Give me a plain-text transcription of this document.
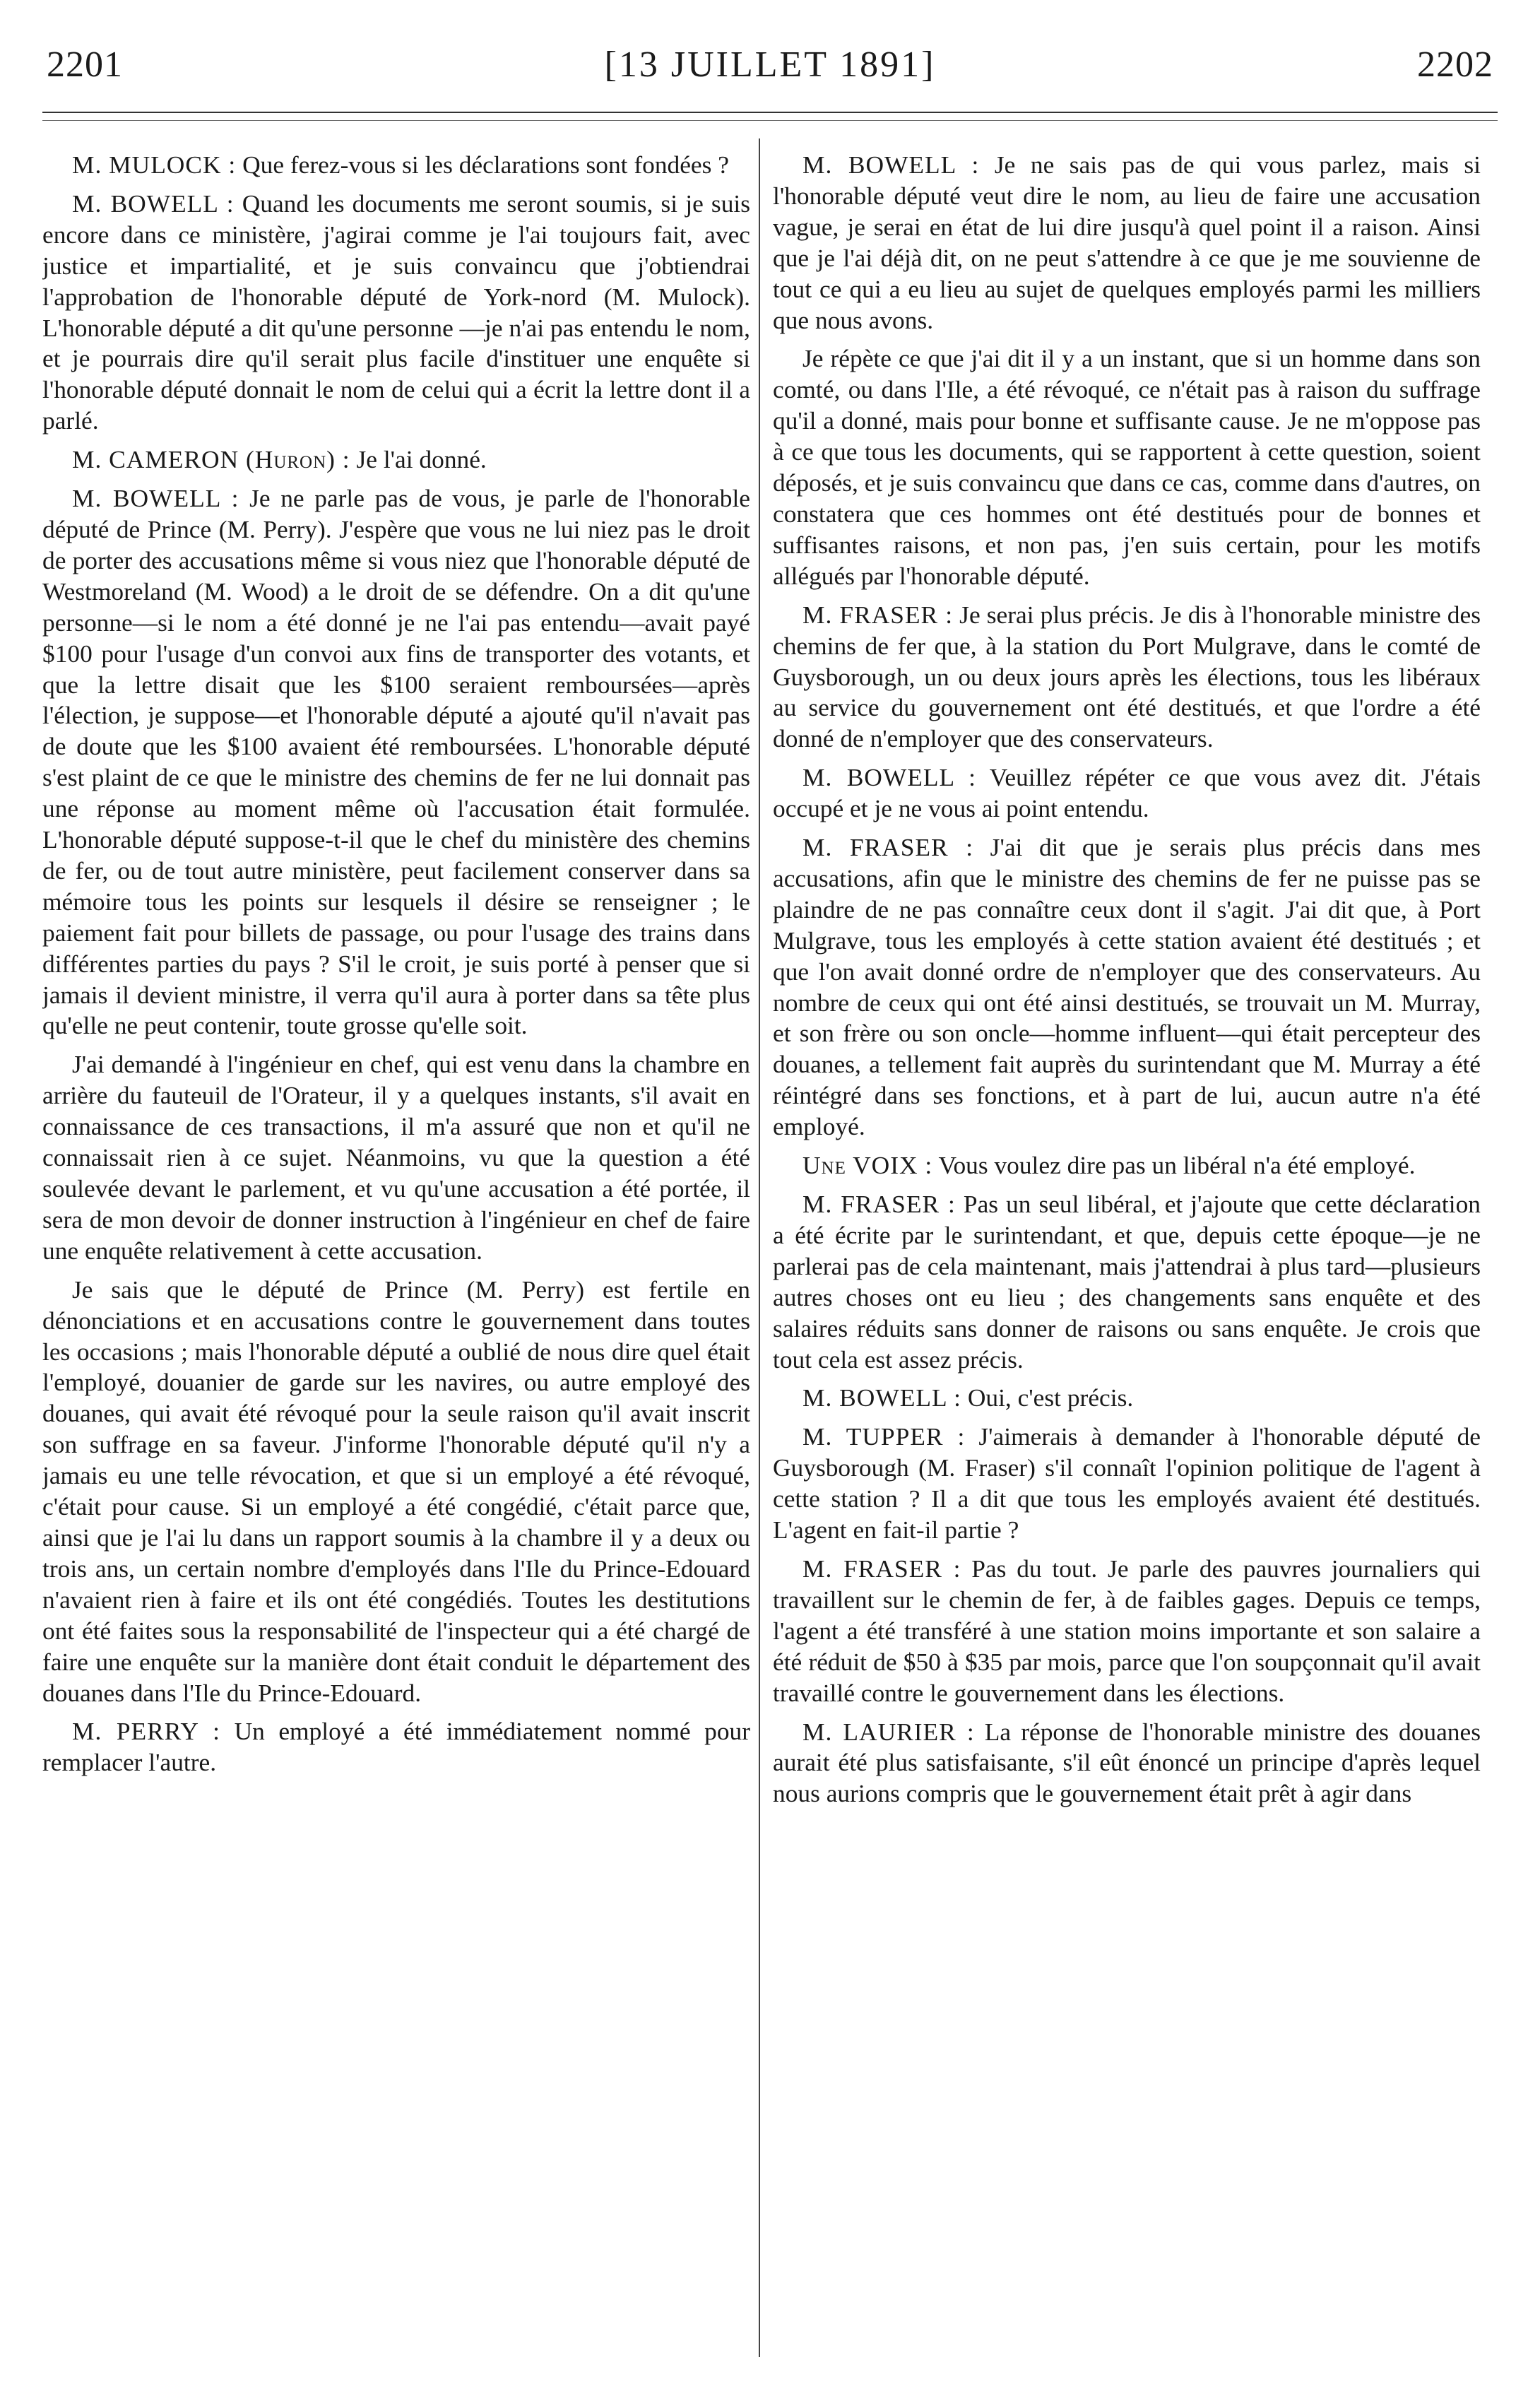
2201	[13 JUILLET 1891]	2202

M. MULOCK : Que ferez-vous si les déclarations sont fondées ?

M. BOWELL : Quand les documents me seront soumis, si je suis encore dans ce ministère, j'agirai comme je l'ai toujours fait, avec justice et impartialité, et je suis convaincu que j'obtiendrai l'approbation de l'honorable député de York-nord (M. Mulock). L'honorable député a dit qu'une personne —je n'ai pas entendu le nom, et je pourrais dire qu'il serait plus facile d'instituer une enquête si l'honorable député donnait le nom de celui qui a écrit la lettre dont il a parlé.

M. CAMERON (Huron) : Je l'ai donné.

M. BOWELL : Je ne parle pas de vous, je parle de l'honorable député de Prince (M. Perry). J'espère que vous ne lui niez pas le droit de porter des accusations même si vous niez que l'honorable député de Westmoreland (M. Wood) a le droit de se défendre. On a dit qu'une personne—si le nom a été donné je ne l'ai pas entendu—avait payé $100 pour l'usage d'un convoi aux fins de transporter des votants, et que la lettre disait que les $100 seraient remboursées—après l'élection, je suppose—et l'honorable député a ajouté qu'il n'avait pas de doute que les $100 avaient été remboursées. L'honorable député s'est plaint de ce que le ministre des chemins de fer ne lui donnait pas une réponse au moment même où l'accusation était formulée. L'honorable député suppose-t-il que le chef du ministère des chemins de fer, ou de tout autre ministère, peut facilement conserver dans sa mémoire tous les points sur lesquels il désire se renseigner ; le paiement fait pour billets de passage, ou pour l'usage des trains dans différentes parties du pays ? S'il le croit, je suis porté à penser que si jamais il devient ministre, il verra qu'il aura à porter dans sa tête plus qu'elle ne peut contenir, toute grosse qu'elle soit.

J'ai demandé à l'ingénieur en chef, qui est venu dans la chambre en arrière du fauteuil de l'Orateur, il y a quelques instants, s'il avait en connaissance de ces transactions, il m'a assuré que non et qu'il ne connaissait rien à ce sujet. Néanmoins, vu que la question a été soulevée devant le parlement, et vu qu'une accusation a été portée, il sera de mon devoir de donner instruction à l'ingénieur en chef de faire une enquête relativement à cette accusation.

Je sais que le député de Prince (M. Perry) est fertile en dénonciations et en accusations contre le gouvernement dans toutes les occasions ; mais l'honorable député a oublié de nous dire quel était l'employé, douanier de garde sur les navires, ou autre employé des douanes, qui avait été révoqué pour la seule raison qu'il avait inscrit son suffrage en sa faveur. J'informe l'honorable député qu'il n'y a jamais eu une telle révocation, et que si un employé a été révoqué, c'était pour cause. Si un employé a été congédié, c'était parce que, ainsi que je l'ai lu dans un rapport soumis à la chambre il y a deux ou trois ans, un certain nombre d'employés dans l'Ile du Prince-Edouard n'avaient rien à faire et ils ont été congédiés. Toutes les destitutions ont été faites sous la responsabilité de l'inspecteur qui a été chargé de faire une enquête sur la manière dont était conduit le département des douanes dans l'Ile du Prince-Edouard.

M. PERRY : Un employé a été immédiatement nommé pour remplacer l'autre.

M. BOWELL : Je ne sais pas de qui vous parlez, mais si l'honorable député veut dire le nom, au lieu de faire une accusation vague, je serai en état de lui dire jusqu'à quel point il a raison. Ainsi que je l'ai déjà dit, on ne peut s'attendre à ce que je me souvienne de tout ce qui a eu lieu au sujet de quelques employés parmi les milliers que nous avons.

Je répète ce que j'ai dit il y a un instant, que si un homme dans son comté, ou dans l'Ile, a été révoqué, ce n'était pas à raison du suffrage qu'il a donné, mais pour bonne et suffisante cause. Je ne m'oppose pas à ce que tous les documents, qui se rapportent à cette question, soient déposés, et je suis convaincu que dans ce cas, comme dans d'autres, on constatera que ces hommes ont été destitués pour de bonnes et suffisantes raisons, et non pas, j'en suis certain, pour les motifs allégués par l'honorable député.

M. FRASER : Je serai plus précis. Je dis à l'honorable ministre des chemins de fer que, à la station du Port Mulgrave, dans le comté de Guysborough, un ou deux jours après les élections, tous les libéraux au service du gouvernement ont été destitués, et que l'ordre a été donné de n'employer que des conservateurs.

M. BOWELL : Veuillez répéter ce que vous avez dit. J'étais occupé et je ne vous ai point entendu.

M. FRASER : J'ai dit que je serais plus précis dans mes accusations, afin que le ministre des chemins de fer ne puisse pas se plaindre de ne pas connaître ceux dont il s'agit. J'ai dit que, à Port Mulgrave, tous les employés à cette station avaient été destitués ; et que l'on avait donné ordre de n'employer que des conservateurs. Au nombre de ceux qui ont été ainsi destitués, se trouvait un M. Murray, et son frère ou son oncle—homme influent—qui était percepteur des douanes, a tellement fait auprès du surintendant que M. Murray a été réintégré dans ses fonctions, et à part de lui, aucun autre n'a été employé.

Une VOIX : Vous voulez dire pas un libéral n'a été employé.

M. FRASER : Pas un seul libéral, et j'ajoute que cette déclaration a été écrite par le surintendant, et que, depuis cette époque—je ne parlerai pas de cela maintenant, mais j'attendrai à plus tard—plusieurs autres choses ont eu lieu ; des changements sans enquête et des salaires réduits sans donner de raisons ou sans enquête. Je crois que tout cela est assez précis.

M. BOWELL : Oui, c'est précis.

M. TUPPER : J'aimerais à demander à l'honorable député de Guysborough (M. Fraser) s'il connaît l'opinion politique de l'agent à cette station ? Il a dit que tous les employés avaient été destitués. L'agent en fait-il partie ?

M. FRASER : Pas du tout. Je parle des pauvres journaliers qui travaillent sur le chemin de fer, à de faibles gages. Depuis ce temps, l'agent a été transféré à une station moins importante et son salaire a été réduit de $50 à $35 par mois, parce que l'on soupçonnait qu'il avait travaillé contre le gouvernement dans les élections.

M. LAURIER : La réponse de l'honorable ministre des douanes aurait été plus satisfaisante, s'il eût énoncé un principe d'après lequel nous aurions compris que le gouvernement était prêt à agir dans
